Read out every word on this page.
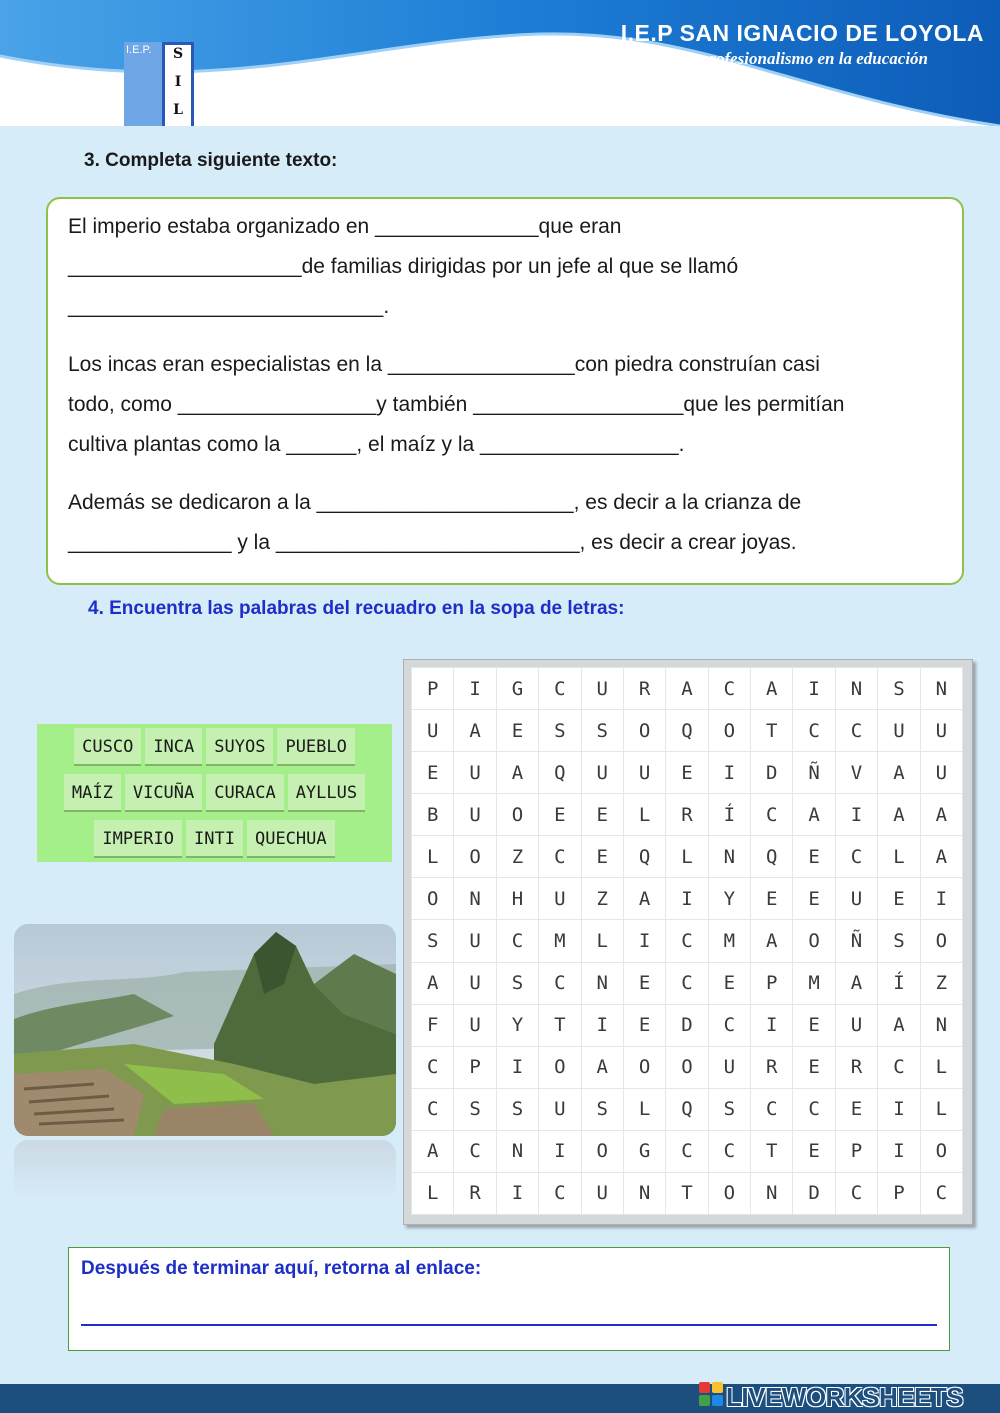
I.E.P.	S
I
L
I.E.P SAN IGNACIO DE LOYOLA
Seriedad y profesionalismo en la educación
3. Completa siguiente texto:
El imperio estaba organizado en ______________que eran
____________________de familias dirigidas por un jefe al que se llamó
___________________________.
Los incas eran especialistas en la ________________con piedra construían casi
todo, como _________________y también __________________que les permitían
cultiva plantas como la ______, el maíz y la _________________.
Además se dedicaron a la ______________________, es decir a la crianza de
______________ y la __________________________, es decir a crear joyas.
4. Encuentra las palabras del recuadro en la sopa de letras:
CUSCO	INCA	SUYOS	PUEBLO
MAÍZ	VICUÑA	CURACA	AYLLUS
IMPERIO	INTI	QUECHUA
P	I	G	C	U	R	A	C	A	I	N	S	N
U	A	E	S	S	O	Q	O	T	C	C	U	U
E	U	A	Q	U	U	E	I	D	Ñ	V	A	U
B	U	O	E	E	L	R	Í	C	A	I	A	A
L	O	Z	C	E	Q	L	N	Q	E	C	L	A
O	N	H	U	Z	A	I	Y	E	E	U	E	I
S	U	C	M	L	I	C	M	A	O	Ñ	S	O
A	U	S	C	N	E	C	E	P	M	A	Í	Z
F	U	Y	T	I	E	D	C	I	E	U	A	N
C	P	I	O	A	O	O	U	R	E	R	C	L
C	S	S	U	S	L	Q	S	C	C	E	I	L
A	C	N	I	O	G	C	C	T	E	P	I	O
L	R	I	C	U	N	T	O	N	D	C	P	C
Después de terminar aquí, retorna al enlace:
LIVEWORKSHEETS
